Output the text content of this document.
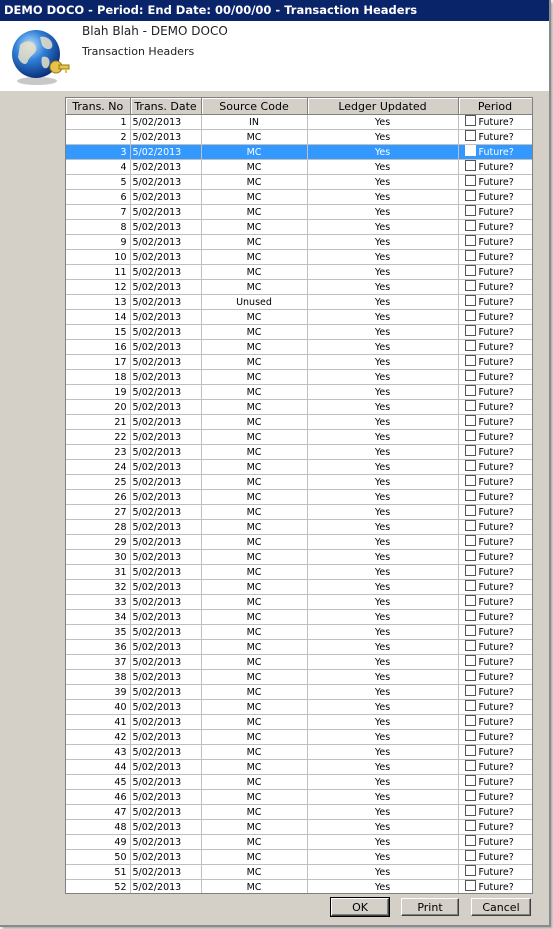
DEMO DOCO - Period: End Date: 00/00/00 - Transaction Headers
Blah Blah - DEMO DOCO
Transaction Headers
Trans. No	Trans. Date	Source Code	Ledger Updated	Period
1	5/02/2013	IN	Yes	Future?
2	5/02/2013	MC	Yes	Future?
3	5/02/2013	MC	Yes	Future?
4	5/02/2013	MC	Yes	Future?
5	5/02/2013	MC	Yes	Future?
6	5/02/2013	MC	Yes	Future?
7	5/02/2013	MC	Yes	Future?
8	5/02/2013	MC	Yes	Future?
9	5/02/2013	MC	Yes	Future?
10	5/02/2013	MC	Yes	Future?
11	5/02/2013	MC	Yes	Future?
12	5/02/2013	MC	Yes	Future?
13	5/02/2013	Unused	Yes	Future?
14	5/02/2013	MC	Yes	Future?
15	5/02/2013	MC	Yes	Future?
16	5/02/2013	MC	Yes	Future?
17	5/02/2013	MC	Yes	Future?
18	5/02/2013	MC	Yes	Future?
19	5/02/2013	MC	Yes	Future?
20	5/02/2013	MC	Yes	Future?
21	5/02/2013	MC	Yes	Future?
22	5/02/2013	MC	Yes	Future?
23	5/02/2013	MC	Yes	Future?
24	5/02/2013	MC	Yes	Future?
25	5/02/2013	MC	Yes	Future?
26	5/02/2013	MC	Yes	Future?
27	5/02/2013	MC	Yes	Future?
28	5/02/2013	MC	Yes	Future?
29	5/02/2013	MC	Yes	Future?
30	5/02/2013	MC	Yes	Future?
31	5/02/2013	MC	Yes	Future?
32	5/02/2013	MC	Yes	Future?
33	5/02/2013	MC	Yes	Future?
34	5/02/2013	MC	Yes	Future?
35	5/02/2013	MC	Yes	Future?
36	5/02/2013	MC	Yes	Future?
37	5/02/2013	MC	Yes	Future?
38	5/02/2013	MC	Yes	Future?
39	5/02/2013	MC	Yes	Future?
40	5/02/2013	MC	Yes	Future?
41	5/02/2013	MC	Yes	Future?
42	5/02/2013	MC	Yes	Future?
43	5/02/2013	MC	Yes	Future?
44	5/02/2013	MC	Yes	Future?
45	5/02/2013	MC	Yes	Future?
46	5/02/2013	MC	Yes	Future?
47	5/02/2013	MC	Yes	Future?
48	5/02/2013	MC	Yes	Future?
49	5/02/2013	MC	Yes	Future?
50	5/02/2013	MC	Yes	Future?
51	5/02/2013	MC	Yes	Future?
52	5/02/2013	MC	Yes	Future?

OK	Print	Cancel
